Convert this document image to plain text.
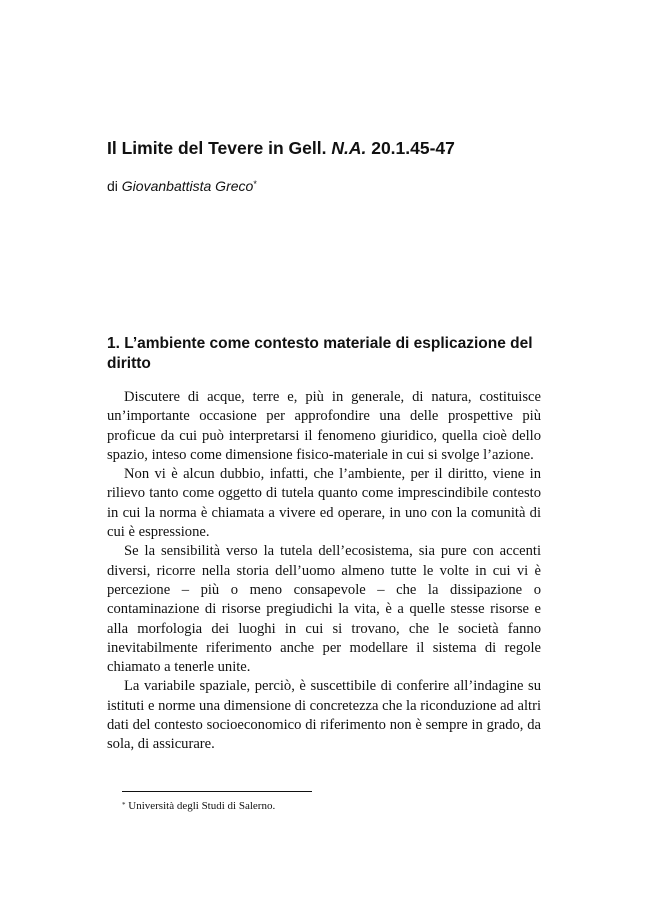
Il Limite del Tevere in Gell. N.A. 20.1.45-47

di Giovanbattista Greco*

1. L’ambiente come contesto materiale di esplicazione del diritto

Discutere di acque, terre e, più in generale, di natura, costituisce un’importante occasione per approfondire una delle prospettive più proficue da cui può interpretarsi il fenomeno giuridico, quella cioè dello spazio, inteso come dimensione fisico-materiale in cui si svolge l’azione.

Non vi è alcun dubbio, infatti, che l’ambiente, per il diritto, viene in rilievo tanto come oggetto di tutela quanto come imprescindibile contesto in cui la norma è chiamata a vivere ed operare, in uno con la comunità di cui è espressione.

Se la sensibilità verso la tutela dell’ecosistema, sia pure con accenti diversi, ricorre nella storia dell’uomo almeno tutte le volte in cui vi è percezione – più o meno consapevole – che la dissipazione o contaminazione di risorse pregiudichi la vita, è a quelle stesse risorse e alla morfologia dei luoghi in cui si trovano, che le società fanno inevitabilmente riferimento anche per modellare il sistema di regole chiamato a tenerle unite.

La variabile spaziale, perciò, è suscettibile di conferire all’indagine su istituti e norme una dimensione di concretezza che la riconduzione ad altri dati del contesto socioeconomico di riferimento non è sempre in grado, da sola, di assicurare.

* Università degli Studi di Salerno.
